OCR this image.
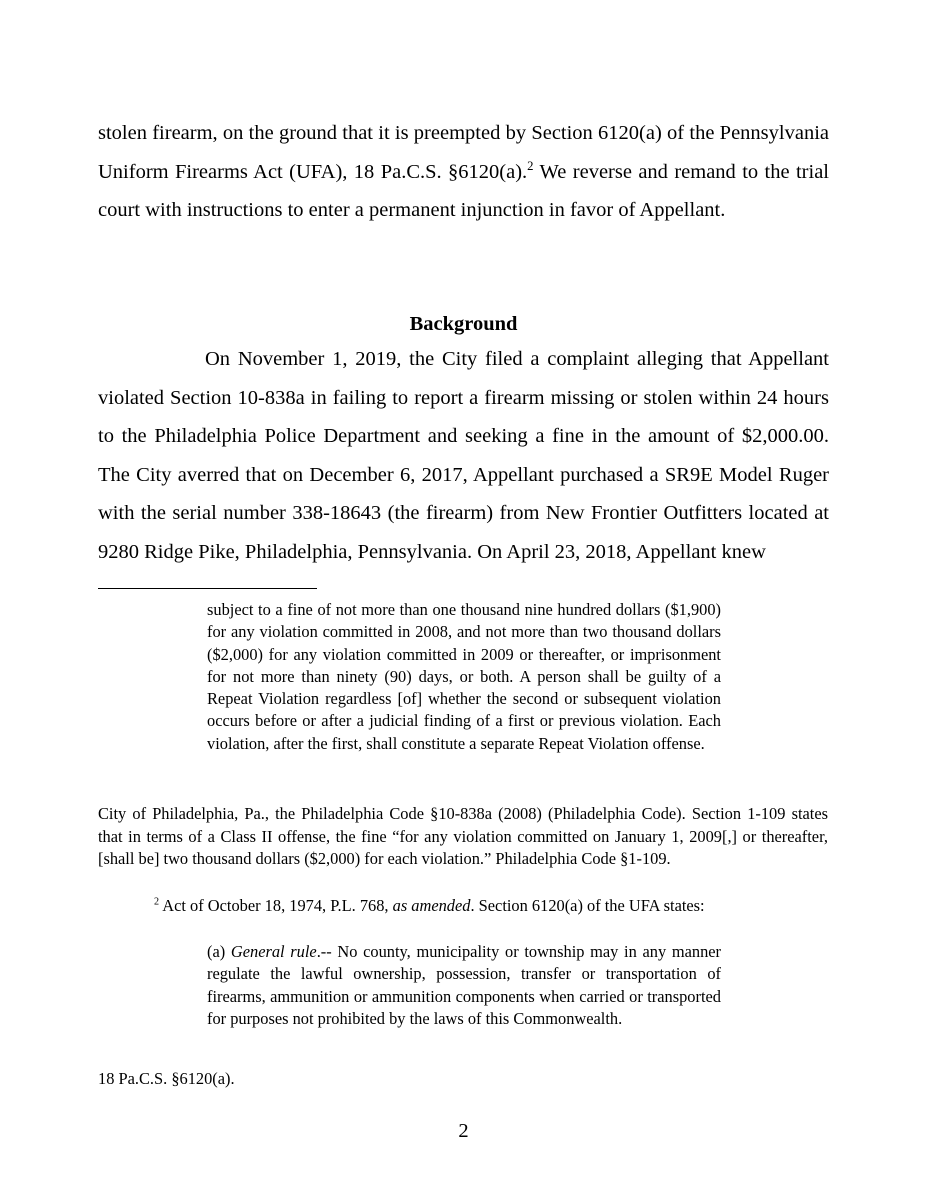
stolen firearm, on the ground that it is preempted by Section 6120(a) of the Pennsylvania Uniform Firearms Act (UFA), 18 Pa.C.S. §6120(a).$^2$ We reverse and remand to the trial court with instructions to enter a permanent injunction in favor of Appellant.

Background

On November 1, 2019, the City filed a complaint alleging that Appellant violated Section 10-838a in failing to report a firearm missing or stolen within 24 hours to the Philadelphia Police Department and seeking a fine in the amount of $2,000.00. The City averred that on December 6, 2017, Appellant purchased a SR9E Model Ruger with the serial number 338-18643 (the firearm) from New Frontier Outfitters located at 9280 Ridge Pike, Philadelphia, Pennsylvania. On April 23, 2018, Appellant knew

subject to a fine of not more than one thousand nine hundred dollars ($1,900) for any violation committed in 2008, and not more than two thousand dollars ($2,000) for any violation committed in 2009 or thereafter, or imprisonment for not more than ninety (90) days, or both. A person shall be guilty of a Repeat Violation regardless [of] whether the second or subsequent violation occurs before or after a judicial finding of a first or previous violation. Each violation, after the first, shall constitute a separate Repeat Violation offense.

City of Philadelphia, Pa., the Philadelphia Code §10-838a (2008) (Philadelphia Code). Section 1-109 states that in terms of a Class II offense, the fine “for any violation committed on January 1, 2009[,] or thereafter, [shall be] two thousand dollars ($2,000) for each violation.” Philadelphia Code §1-109.

$^2$ Act of October 18, 1974, P.L. 768, as amended. Section 6120(a) of the UFA states:

(a) General rule.-- No county, municipality or township may in any manner regulate the lawful ownership, possession, transfer or transportation of firearms, ammunition or ammunition components when carried or transported for purposes not prohibited by the laws of this Commonwealth.

18 Pa.C.S. §6120(a).

2
